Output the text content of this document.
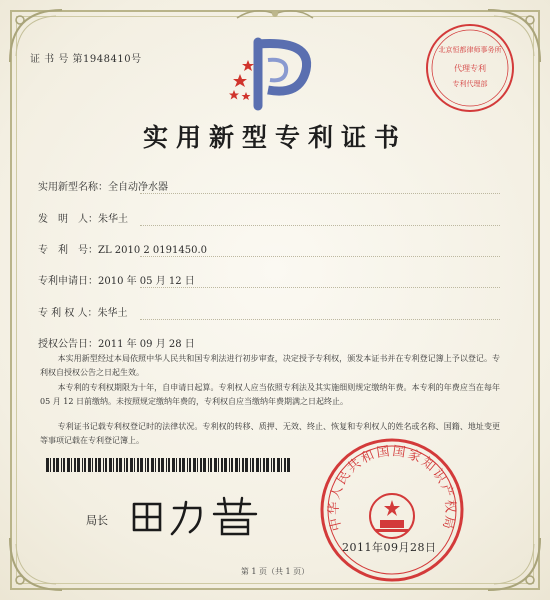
证 书 号 第1948410号
北京恒都律师事务所
代理专利
专利代理部
实用新型专利证书
实用新型名称：全自动净水器
发　明　人：朱华土
专　利　号：ZL 2010 2 0191450.0
专利申请日：2010 年 05 月 12 日
专 利 权 人：朱华土
授权公告日：2011 年 09 月 28 日
本实用新型经过本局依照中华人民共和国专利法进行初步审查，决定授予专利权，颁发本证书并在专利登记簿上予以登记。专利权自授权公告之日起生效。
本专利的专利权期限为十年，自申请日起算。专利权人应当依照专利法及其实施细则规定缴纳年费。本专利的年费应当在每年 05 月 12 日前缴纳。未按照规定缴纳年费的，专利权自应当缴纳年费期满之日起终止。
专利证书记载专利权登记时的法律状况。专利权的转移、质押、无效、终止、恢复和专利权人的姓名或名称、国籍、地址变更等事项记载在专利登记簿上。
局长	中华人民共和国国家知识产权局
2011年09月28日
第 1 页（共 1 页）
